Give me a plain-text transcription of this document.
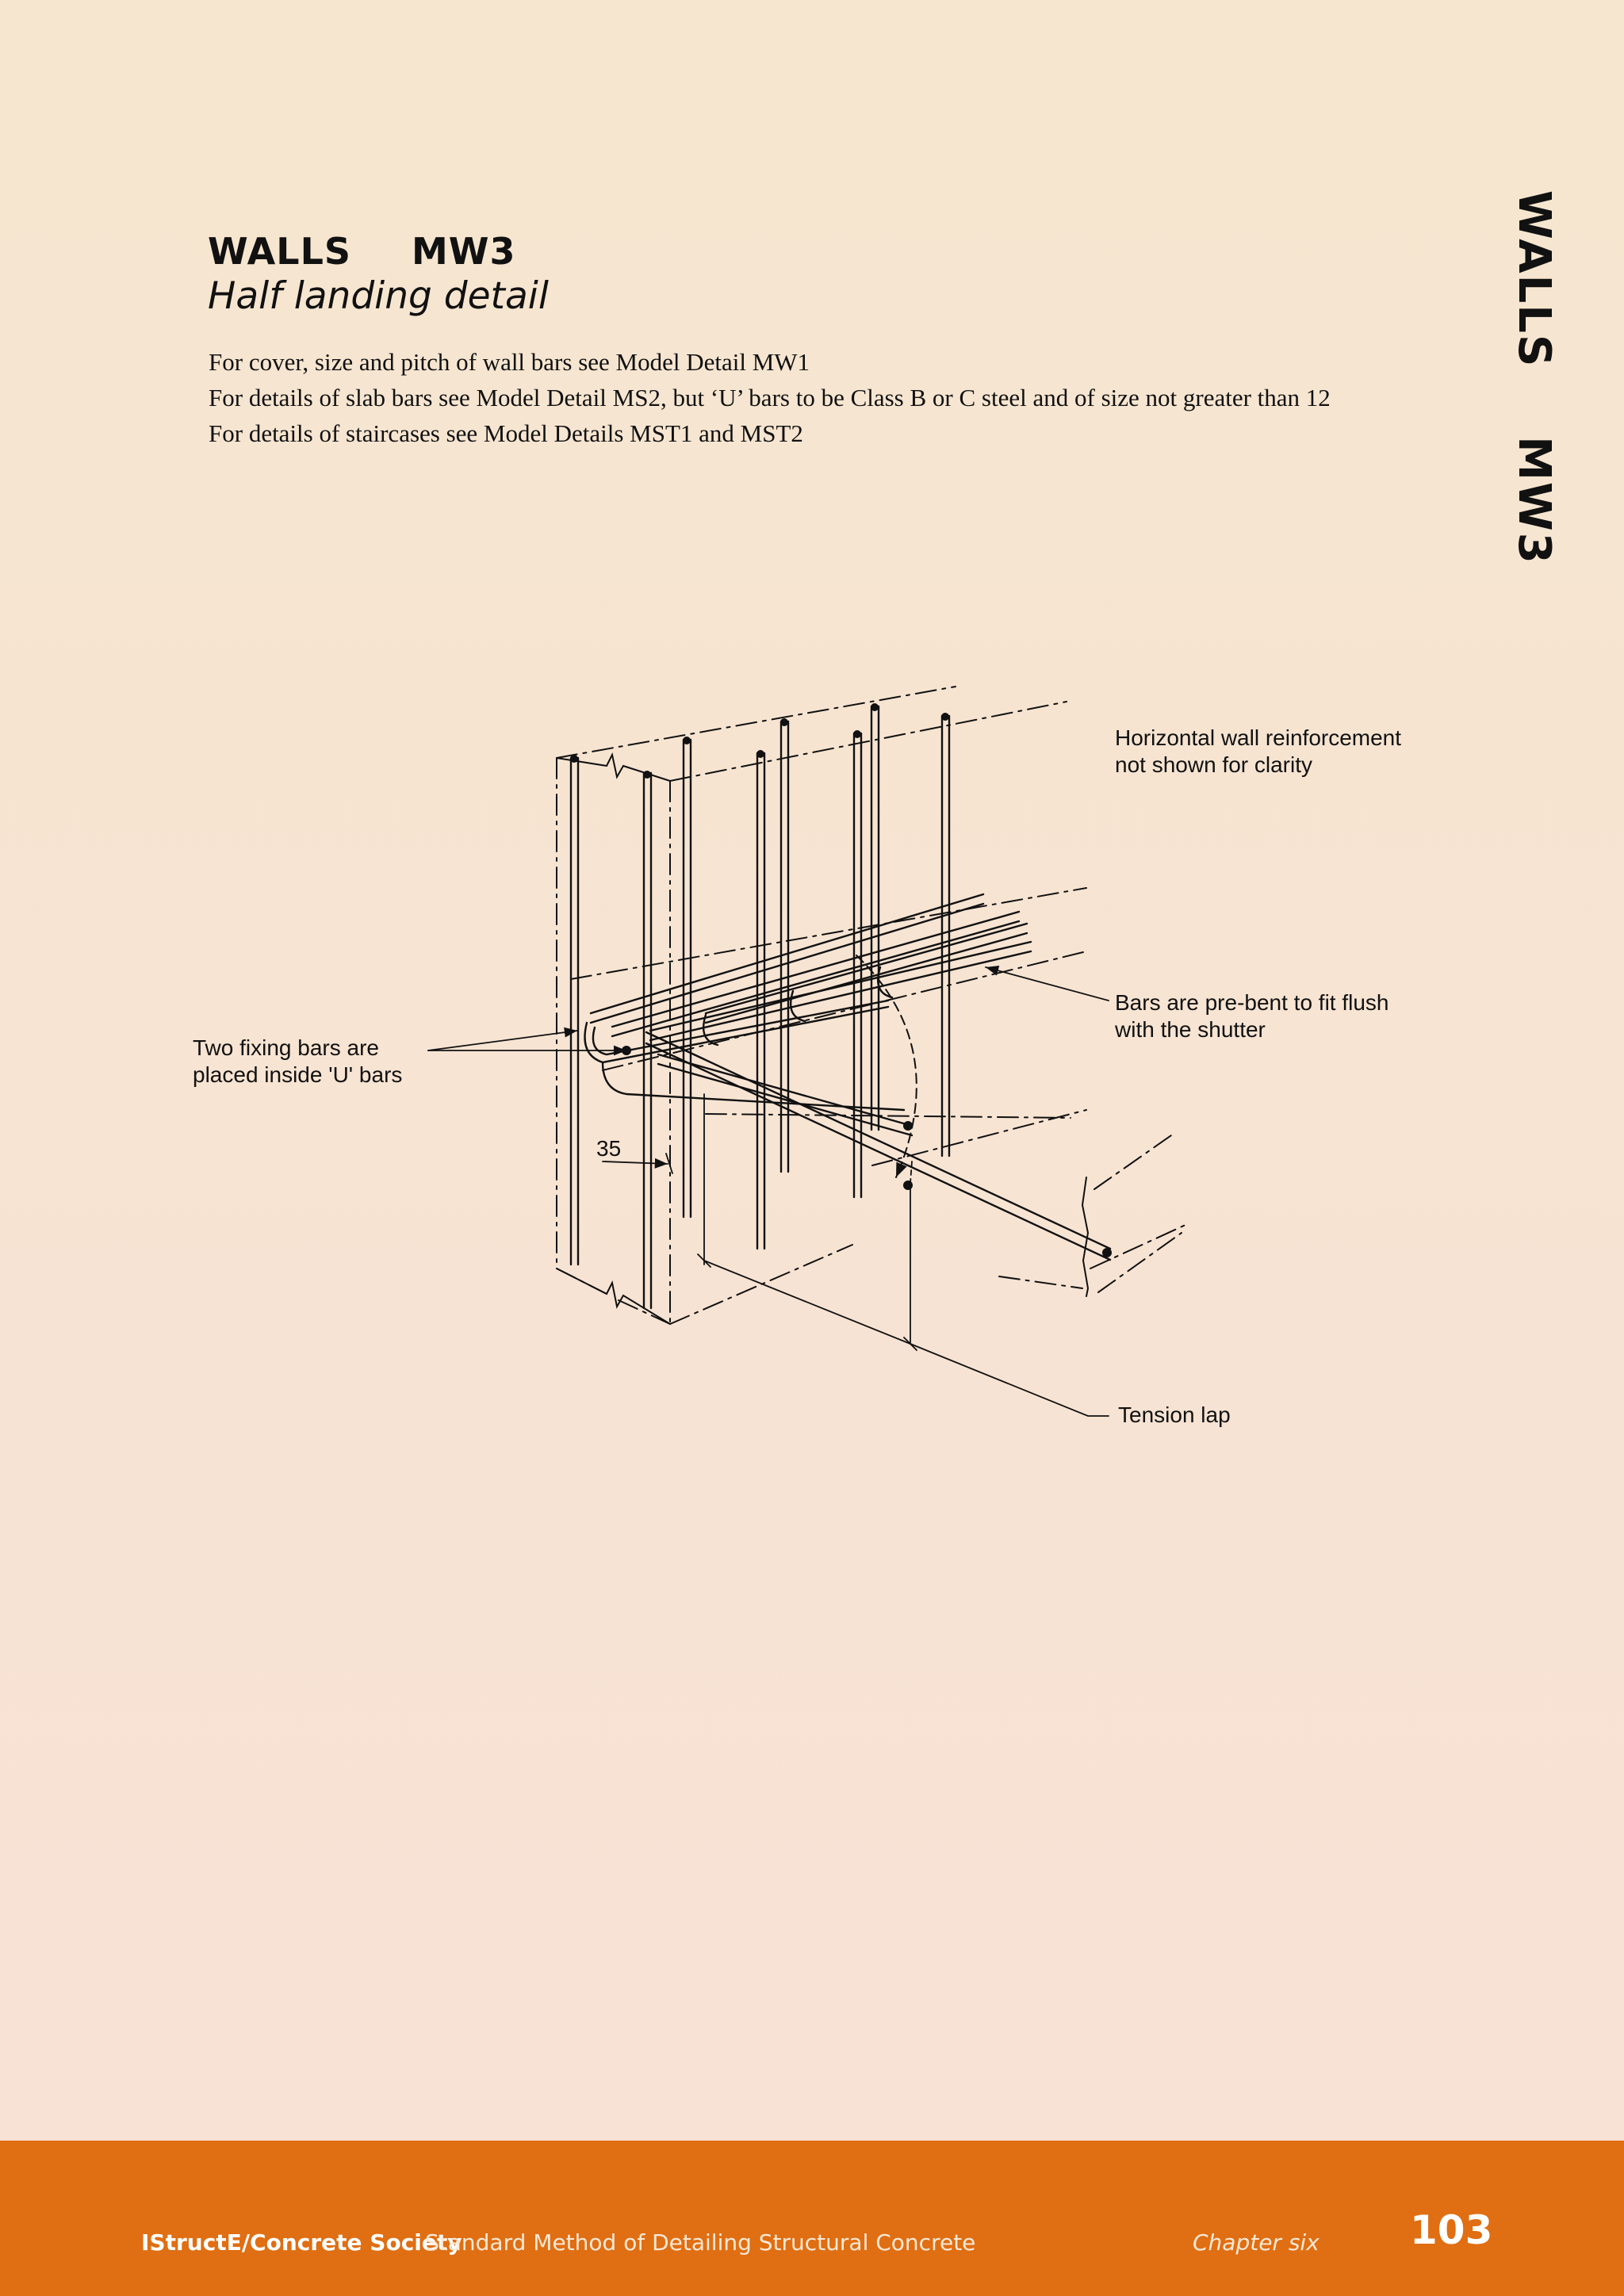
WALLS MW3
Half landing detail
For cover, size and pitch of wall bars see Model Detail MW1
For details of slab bars see Model Detail MS2, but ‘U’ bars to be Class B or C steel and of size not greater than 12
For details of staircases see Model Details MST1 and MST2
WALLSMW3
Horizontal wall reinforcement
not shown for clarity
Bars are pre-bent to fit flush
with the shutter
Two fixing bars are
placed inside 'U' bars
35
Tension lap
IStructE/Concrete Society
Standard Method of Detailing Structural Concrete	Chapter six 103
